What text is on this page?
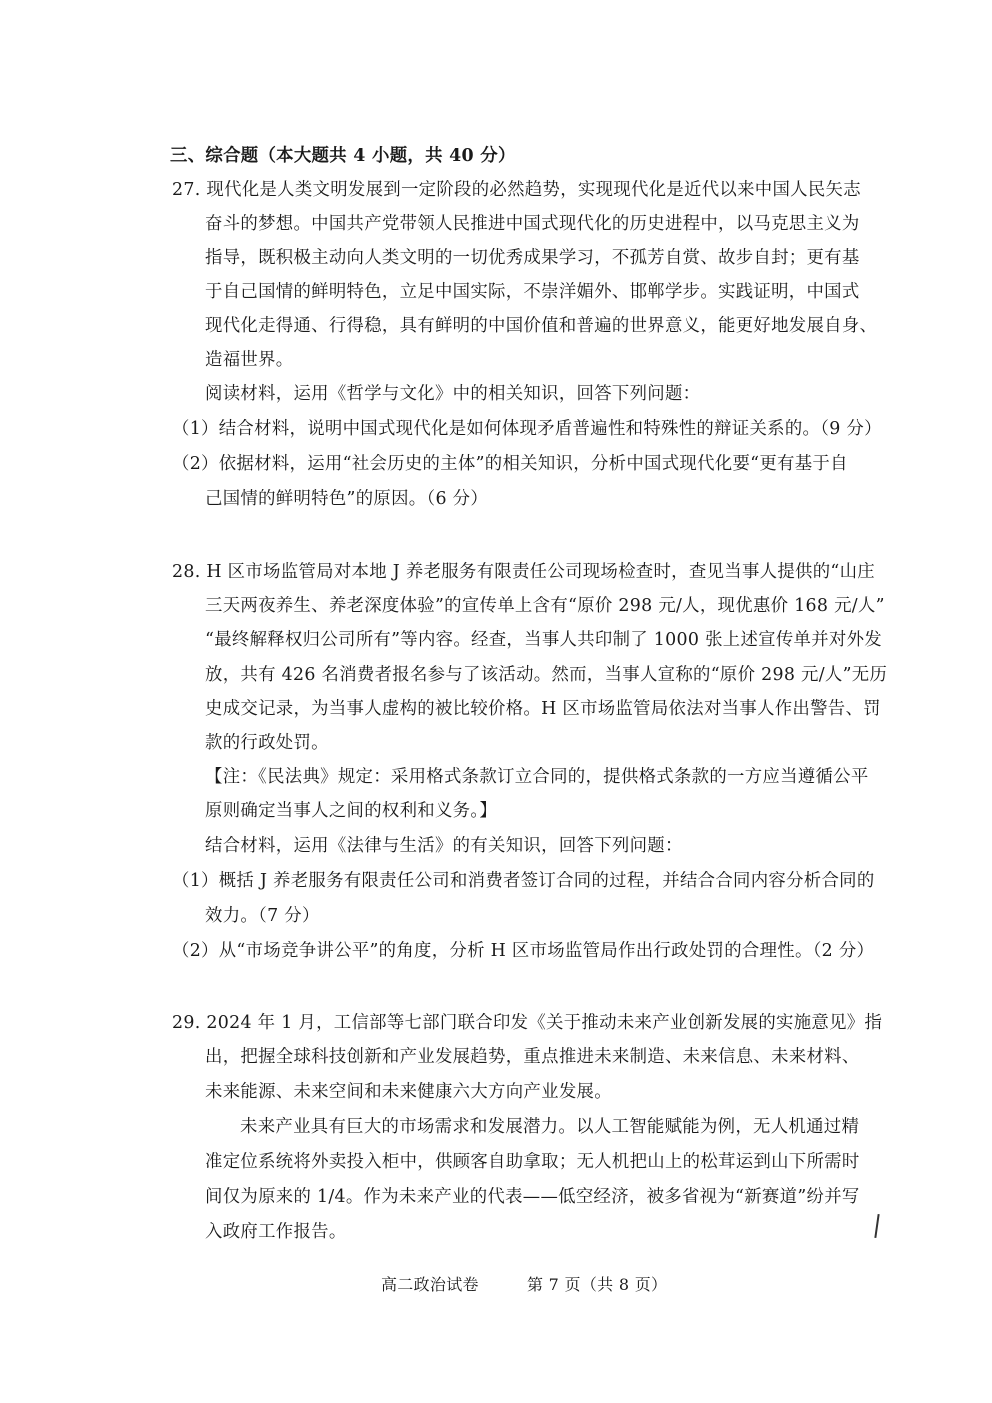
三、综合题（本大题共 4 小题，共 40 分）
27. 现代化是人类文明发展到一定阶段的必然趋势，实现现代化是近代以来中国人民矢志
奋斗的梦想。中国共产党带领人民推进中国式现代化的历史进程中，以马克思主义为
指导，既积极主动向人类文明的一切优秀成果学习，不孤芳自赏、故步自封；更有基
于自己国情的鲜明特色，立足中国实际，不崇洋媚外、邯郸学步。实践证明，中国式
现代化走得通、行得稳，具有鲜明的中国价值和普遍的世界意义，能更好地发展自身、
造福世界。
阅读材料，运用《哲学与文化》中的相关知识，回答下列问题：
（1）结合材料，说明中国式现代化是如何体现矛盾普遍性和特殊性的辩证关系的。（9 分）
（2）依据材料，运用“社会历史的主体”的相关知识，分析中国式现代化要“更有基于自
己国情的鲜明特色”的原因。（6 分）
28. H 区市场监管局对本地 J 养老服务有限责任公司现场检查时，查见当事人提供的“山庄
三天两夜养生、养老深度体验”的宣传单上含有“原价 298 元/人，现优惠价 168 元/人”
“最终解释权归公司所有”等内容。经查，当事人共印制了 1000 张上述宣传单并对外发
放，共有 426 名消费者报名参与了该活动。然而，当事人宣称的“原价 298 元/人”无历
史成交记录，为当事人虚构的被比较价格。H 区市场监管局依法对当事人作出警告、罚
款的行政处罚。
【注：《民法典》规定：采用格式条款订立合同的，提供格式条款的一方应当遵循公平
原则确定当事人之间的权利和义务。】
结合材料，运用《法律与生活》的有关知识，回答下列问题：
（1）概括 J 养老服务有限责任公司和消费者签订合同的过程，并结合合同内容分析合同的
效力。（7 分）
（2）从“市场竞争讲公平”的角度，分析 H 区市场监管局作出行政处罚的合理性。（2 分）
29. 2024 年 1 月，工信部等七部门联合印发《关于推动未来产业创新发展的实施意见》指
出，把握全球科技创新和产业发展趋势，重点推进未来制造、未来信息、未来材料、
未来能源、未来空间和未来健康六大方向产业发展。
未来产业具有巨大的市场需求和发展潜力。以人工智能赋能为例，无人机通过精
准定位系统将外卖投入柜中，供顾客自助拿取；无人机把山上的松茸运到山下所需时
间仅为原来的 1/4。作为未来产业的代表——低空经济，被多省视为“新赛道”纷并写
入政府工作报告。
高二政治试卷	第 7 页（共 8 页）
